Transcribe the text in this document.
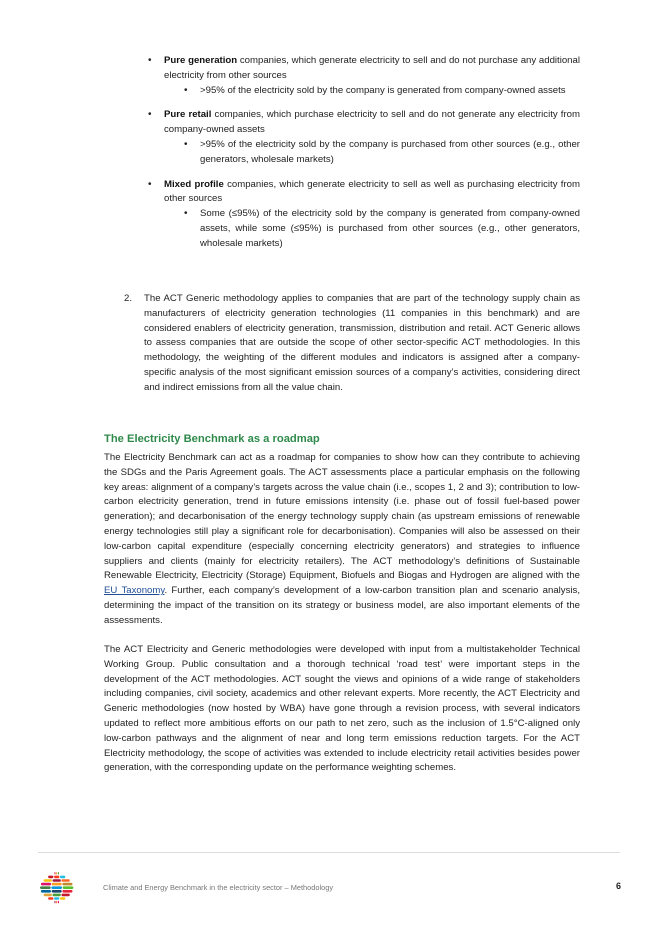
• Pure generation companies, which generate electricity to sell and do not purchase any additional electricity from other sources
• >95% of the electricity sold by the company is generated from company-owned assets
• Pure retail companies, which purchase electricity to sell and do not generate any electricity from company-owned assets
• >95% of the electricity sold by the company is purchased from other sources (e.g., other generators, wholesale markets)
• Mixed profile companies, which generate electricity to sell as well as purchasing electricity from other sources
• Some (≤95%) of the electricity sold by the company is generated from company-owned assets, while some (≤95%) is purchased from other sources (e.g., other generators, wholesale markets)
2. The ACT Generic methodology applies to companies that are part of the technology supply chain as manufacturers of electricity generation technologies (11 companies in this benchmark) and are considered enablers of electricity generation, transmission, distribution and retail. ACT Generic allows to assess companies that are outside the scope of other sector-specific ACT methodologies. In this methodology, the weighting of the different modules and indicators is assigned after a company-specific analysis of the most significant emission sources of a company’s activities, considering direct and indirect emissions from all the value chain.
The Electricity Benchmark as a roadmap

The Electricity Benchmark can act as a roadmap for companies to show how can they contribute to achieving the SDGs and the Paris Agreement goals. The ACT assessments place a particular emphasis on the following key areas: alignment of a company’s targets across the value chain (i.e., scopes 1, 2 and 3); contribution to low-carbon electricity generation, trend in future emissions intensity (i.e. phase out of fossil fuel-based power generation); and decarbonisation of the energy technology supply chain (as upstream emissions of renewable energy technologies still play a significant role for decarbonisation). Companies will also be assessed on their low-carbon capital expenditure (especially concerning electricity generators) and strategies to influence suppliers and clients (mainly for electricity retailers). The ACT methodology’s definitions of Sustainable Renewable Electricity, Electricity (Storage) Equipment, Biofuels and Biogas and Hydrogen are aligned with the EU Taxonomy. Further, each company’s development of a low-carbon transition plan and scenario analysis, determining the impact of the transition on its strategy or business model, are also important elements of the assessments.

The ACT Electricity and Generic methodologies were developed with input from a multistakeholder Technical Working Group. Public consultation and a thorough technical ‘road test’ were important steps in the development of the ACT methodologies. ACT sought the views and opinions of a wide range of stakeholders including companies, civil society, academics and other relevant experts. More recently, the ACT Electricity and Generic methodologies (now hosted by WBA) have gone through a revision process, with several indicators updated to reflect more ambitious efforts on our path to net zero, such as the inclusion of 1.5°C-aligned only low-carbon pathways and the alignment of near and long term emissions reduction targets. For the ACT Electricity methodology, the scope of activities was extended to include electricity retail activities besides power generation, with the corresponding update on the performance weighting schemes.

Climate and Energy Benchmark in the electricity sector – Methodology	6
